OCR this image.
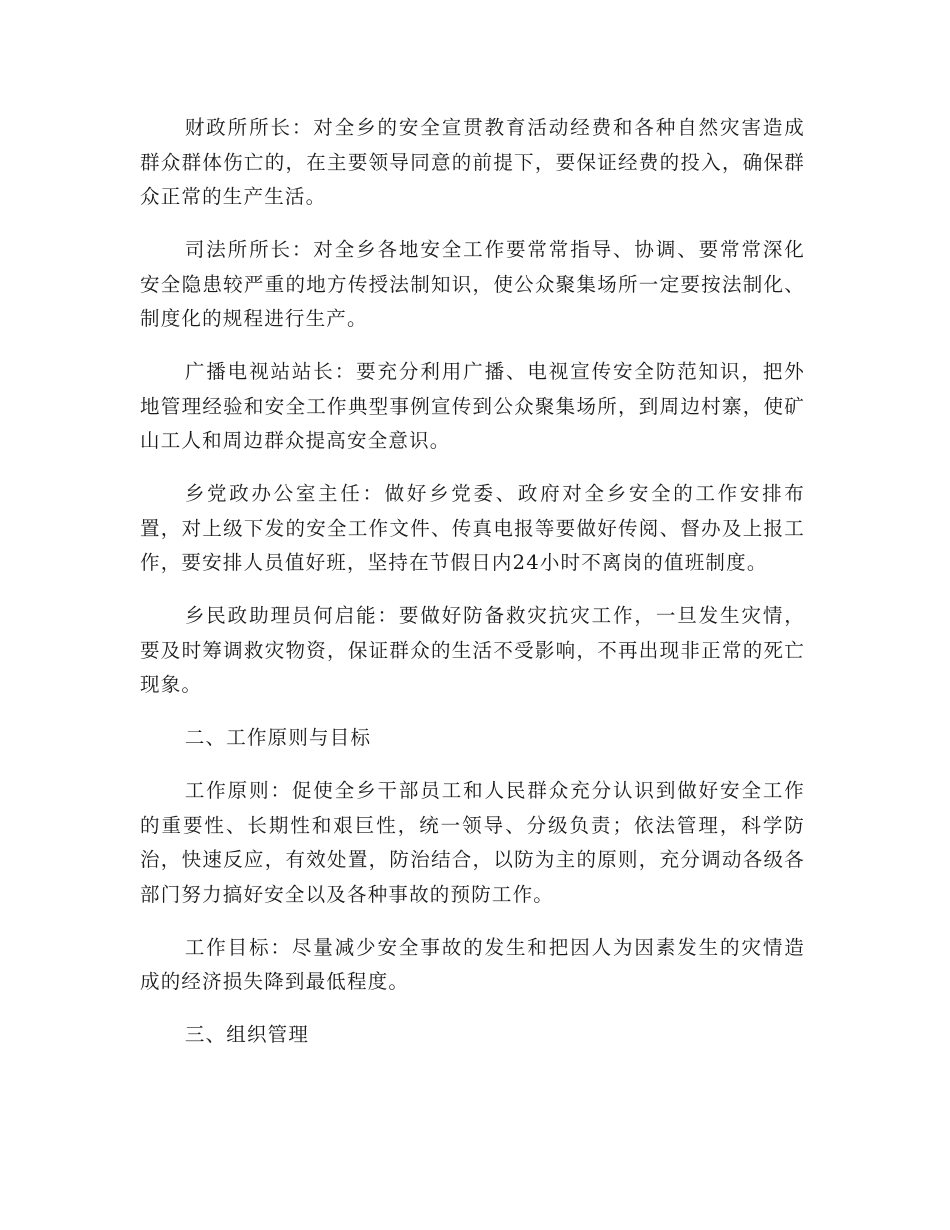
财政所所长：对全乡的安全宣贯教育活动经费和各种自然灾害造成群众群体伤亡的，在主要领导同意的前提下，要保证经费的投入，确保群众正常的生产生活。

司法所所长：对全乡各地安全工作要常常指导、协调、要常常深化安全隐患较严重的地方传授法制知识，使公众聚集场所一定要按法制化、制度化的规程进行生产。

广播电视站站长：要充分利用广播、电视宣传安全防范知识，把外地管理经验和安全工作典型事例宣传到公众聚集场所，到周边村寨，使矿山工人和周边群众提高安全意识。

乡党政办公室主任：做好乡党委、政府对全乡安全的工作安排布置，对上级下发的安全工作文件、传真电报等要做好传阅、督办及上报工作，要安排人员值好班，坚持在节假日内24小时不离岗的值班制度。

乡民政助理员何启能：要做好防备救灾抗灾工作，一旦发生灾情，要及时筹调救灾物资，保证群众的生活不受影响，不再出现非正常的死亡现象。

二、工作原则与目标

工作原则：促使全乡干部员工和人民群众充分认识到做好安全工作的重要性、长期性和艰巨性，统一领导、分级负责；依法管理，科学防治，快速反应，有效处置，防治结合，以防为主的原则，充分调动各级各部门努力搞好安全以及各种事故的预防工作。

工作目标：尽量减少安全事故的发生和把因人为因素发生的灾情造成的经济损失降到最低程度。

三、组织管理
